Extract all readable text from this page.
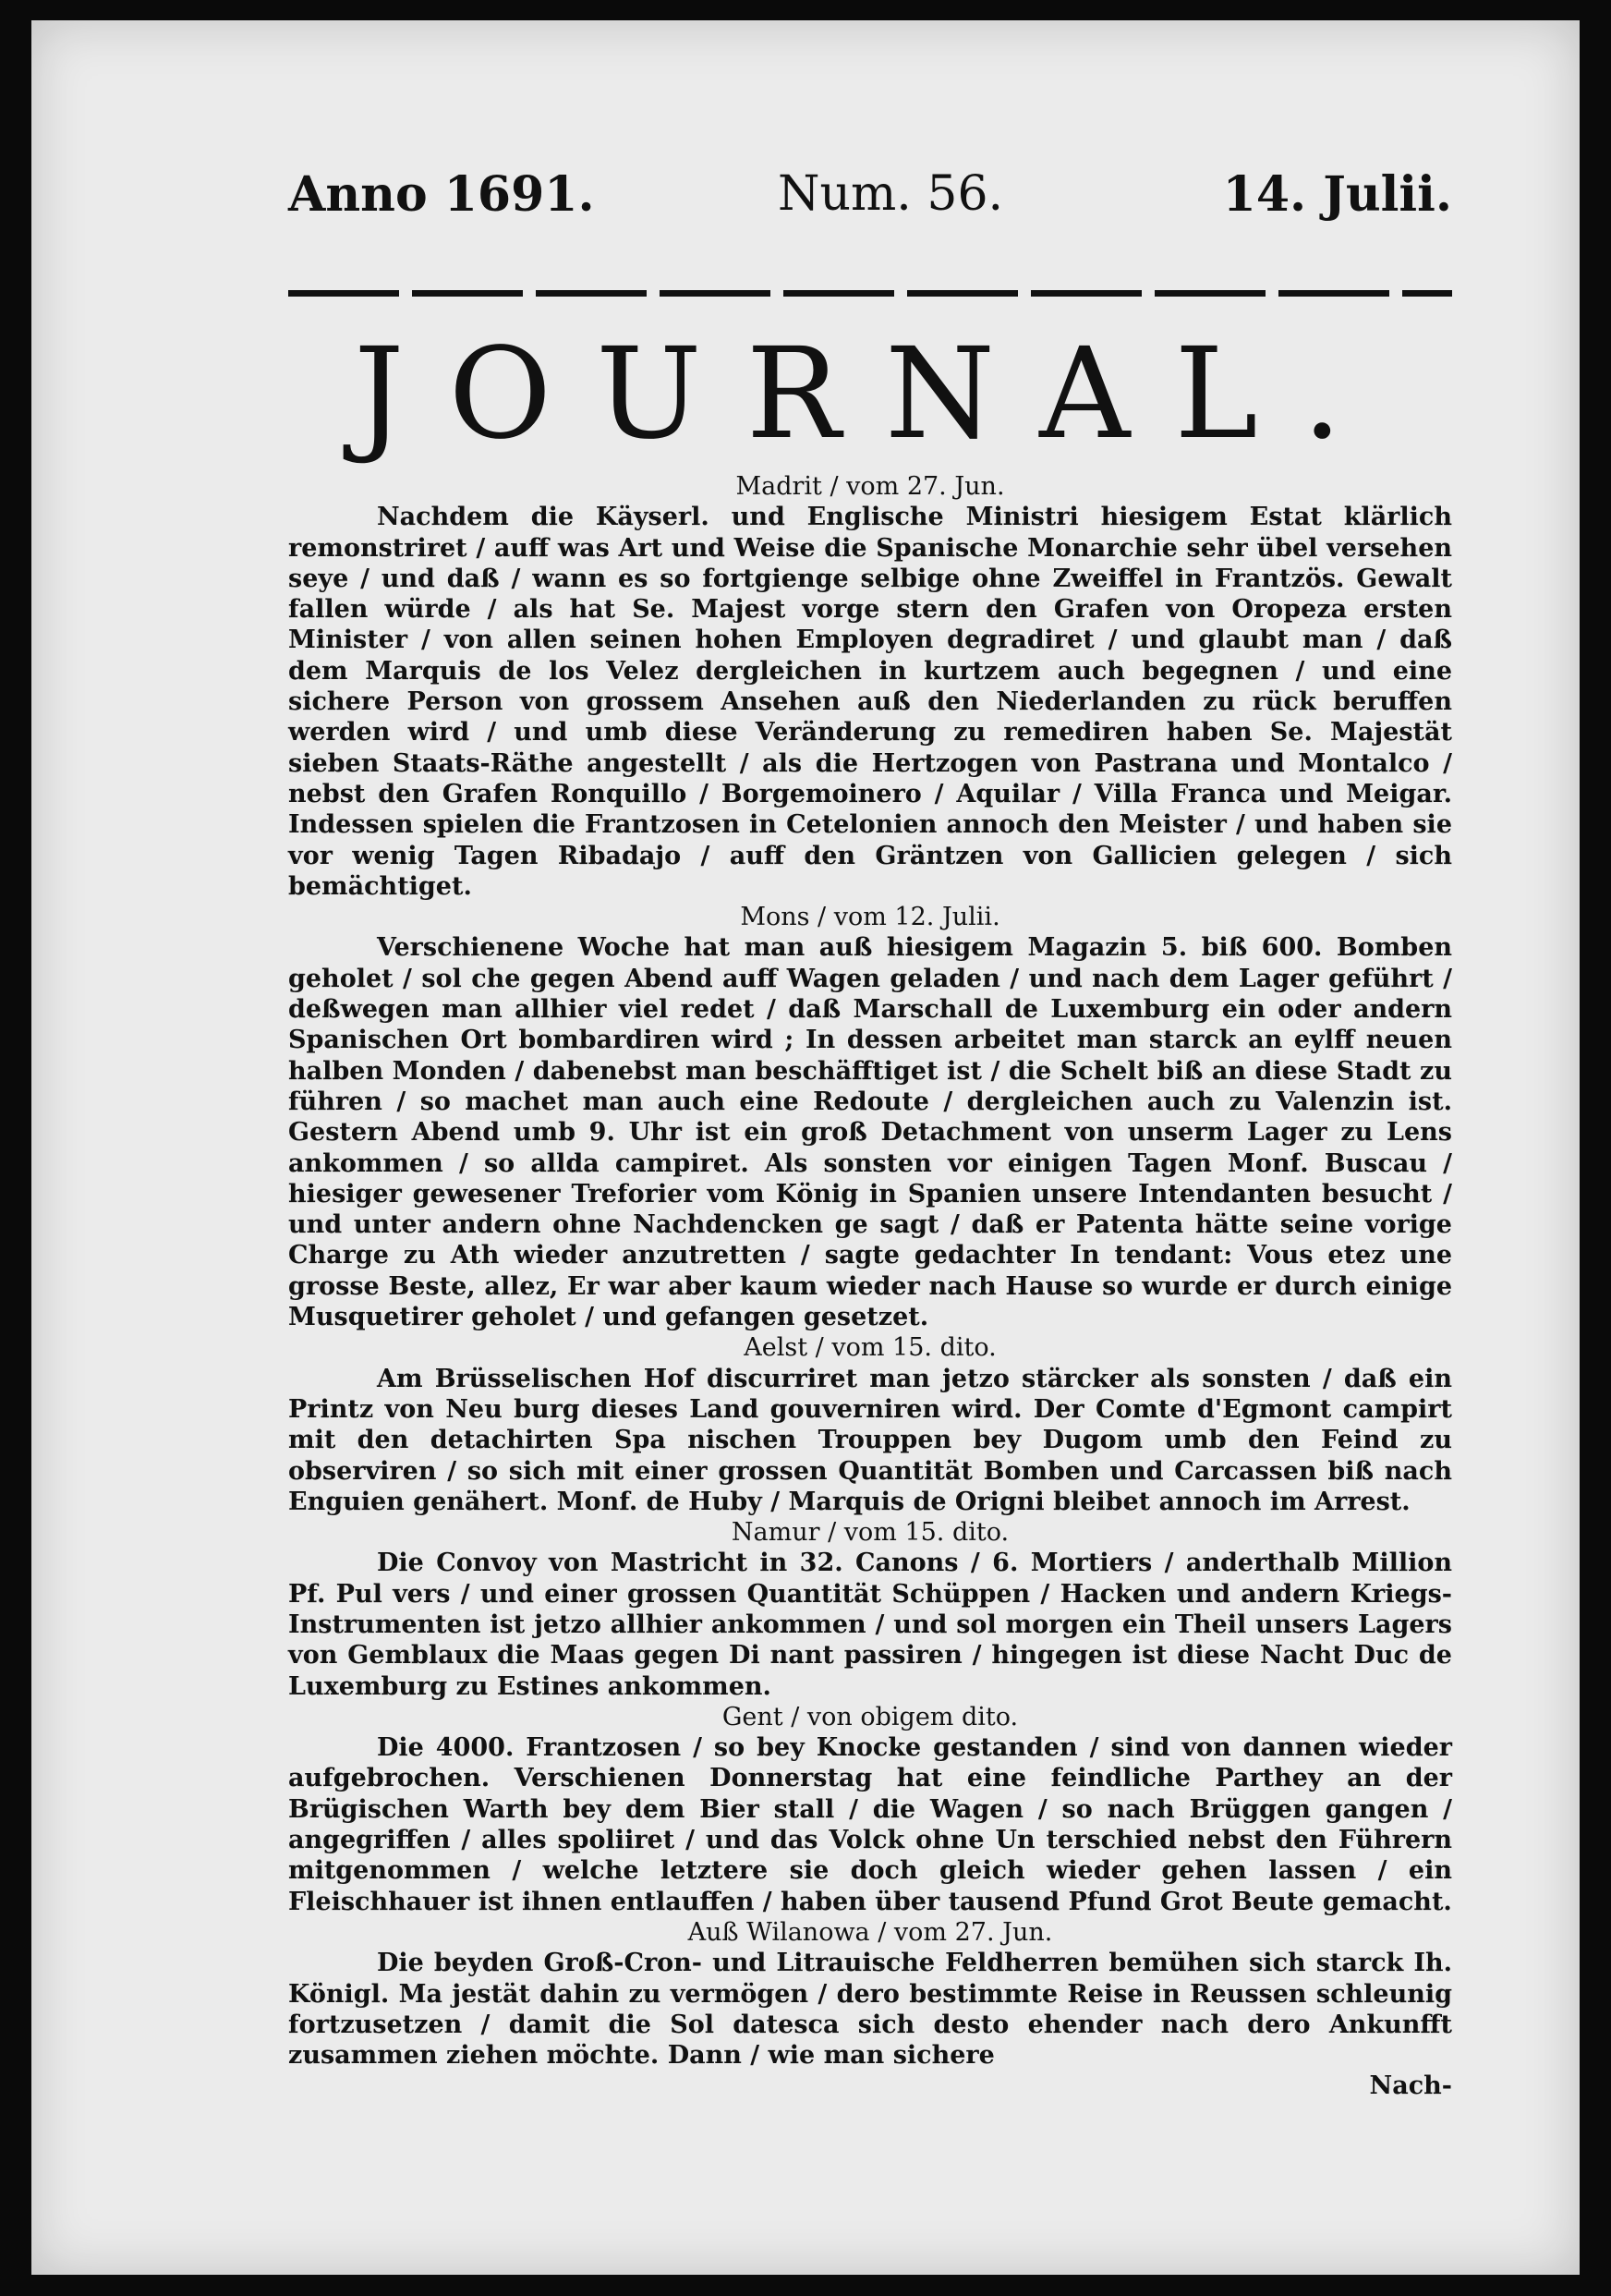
Anno 1691.	Num. 56.	14. Julii.
JOURNAL.

Madrit / vom 27. Jun.

Nachdem die Käyserl. und Englische Ministri hiesigem Estat klärlich remonstriret / auff was Art und Weise die Spanische Monarchie sehr übel versehen seye / und daß / wann es so fortgienge selbige ohne Zweiffel in Frantzös. Gewalt fallen würde / als hat Se. Majest vorge stern den Grafen von Oropeza ersten Minister / von allen seinen hohen Employen degradiret / und glaubt man / daß dem Marquis de los Velez dergleichen in kurtzem auch begegnen / und eine sichere Person von grossem Ansehen auß den Niederlanden zu rück beruffen werden wird / und umb diese Veränderung zu remediren haben Se. Majestät sieben Staats-Räthe angestellt / als die Hertzogen von Pastrana und Montalco / nebst den Grafen Ronquillo / Borgemoinero / Aquilar / Villa Franca und Meigar. Indessen spielen die Frantzosen in Cetelonien annoch den Meister / und haben sie vor wenig Tagen Ribadajo / auff den Gräntzen von Gallicien gelegen / sich bemächtiget.

Mons / vom 12. Julii.

Verschienene Woche hat man auß hiesigem Magazin 5. biß 600. Bomben geholet / sol che gegen Abend auff Wagen geladen / und nach dem Lager geführt / deßwegen man allhier viel redet / daß Marschall de Luxemburg ein oder andern Spanischen Ort bombardiren wird ; In dessen arbeitet man starck an eylff neuen halben Monden / dabenebst man beschäfftiget ist / die Schelt biß an diese Stadt zu führen / so machet man auch eine Redoute / dergleichen auch zu Valenzin ist. Gestern Abend umb 9. Uhr ist ein groß Detachment von unserm Lager zu Lens ankommen / so allda campiret. Als sonsten vor einigen Tagen Monf. Buscau / hiesiger gewesener Treforier vom König in Spanien unsere Intendanten besucht / und unter andern ohne Nachdencken ge sagt / daß er Patenta hätte seine vorige Charge zu Ath wieder anzutretten / sagte gedachter In tendant: Vous etez une grosse Beste, allez, Er war aber kaum wieder nach Hause so wurde er durch einige Musquetirer geholet / und gefangen gesetzet.

Aelst / vom 15. dito.

Am Brüsselischen Hof discurriret man jetzo stärcker als sonsten / daß ein Printz von Neu burg dieses Land gouverniren wird. Der Comte d'Egmont campirt mit den detachirten Spa nischen Trouppen bey Dugom umb den Feind zu observiren / so sich mit einer grossen Quantität Bomben und Carcassen biß nach Enguien genähert. Monf. de Huby / Marquis de Origni bleibet annoch im Arrest.

Namur / vom 15. dito.

Die Convoy von Mastricht in 32. Canons / 6. Mortiers / anderthalb Million Pf. Pul vers / und einer grossen Quantität Schüppen / Hacken und andern Kriegs-Instrumenten ist jetzo allhier ankommen / und sol morgen ein Theil unsers Lagers von Gemblaux die Maas gegen Di nant passiren / hingegen ist diese Nacht Duc de Luxemburg zu Estines ankommen.

Gent / von obigem dito.

Die 4000. Frantzosen / so bey Knocke gestanden / sind von dannen wieder aufgebrochen. Verschienen Donnerstag hat eine feindliche Parthey an der Brügischen Warth bey dem Bier stall / die Wagen / so nach Brüggen gangen / angegriffen / alles spoliiret / und das Volck ohne Un terschied nebst den Führern mitgenommen / welche letztere sie doch gleich wieder gehen lassen / ein Fleischhauer ist ihnen entlauffen / haben über tausend Pfund Grot Beute gemacht.

Auß Wilanowa / vom 27. Jun.

Die beyden Groß-Cron- und Litrauische Feldherren bemühen sich starck Ih. Königl. Ma jestät dahin zu vermögen / dero bestimmte Reise in Reussen schleunig fortzusetzen / damit die Sol datesca sich desto ehender nach dero Ankunfft zusammen ziehen möchte. Dann / wie man sichere

Nach-
